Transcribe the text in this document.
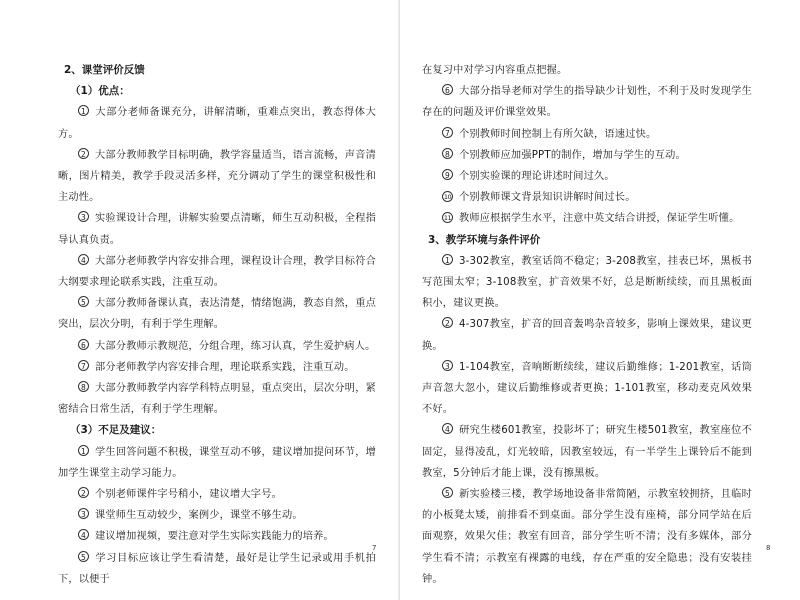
2、课堂评价反馈

（1）优点：

1 大部分老师备课充分，讲解清晰，重难点突出，教态得体大方。

2 大部分教师教学目标明确，教学容量适当，语言流畅，声音清晰，图片精美，教学手段灵活多样，充分调动了学生的课堂积极性和主动性。

3 实验课设计合理，讲解实验要点清晰，师生互动积极，全程指导认真负责。

4 大部分老师教学内容安排合理，课程设计合理，教学目标符合大纲要求理论联系实践，注重互动。

5 大部分教师备课认真，表达清楚，情绪饱满，教态自然，重点突出，层次分明，有利于学生理解。

6 大部分教师示教规范，分组合理，练习认真，学生爱护病人。

7 部分老师教学内容安排合理，理论联系实践，注重互动。

8 大部分教师教学内容学科特点明显，重点突出，层次分明，紧密结合日常生活，有利于学生理解。

（3）不足及建议：

1 学生回答问题不积极，课堂互动不够，建议增加提问环节，增加学生课堂主动学习能力。

2 个别老师课件字号稍小，建议增大字号。

3 课堂师生互动较少，案例少，课堂不够生动。

4 建议增加视频，要注意对学生实际实践能力的培养。

5 学习目标应该让学生看清楚，最好是让学生记录或用手机拍下，以便于

7

在复习中对学习内容重点把握。

6 大部分指导老师对学生的指导缺少计划性，不利于及时发现学生存在的问题及评价课堂效果。

7 个别教师时间控制上有所欠缺，语速过快。

8 个别教师应加强PPT的制作，增加与学生的互动。

9 个别实验课的理论讲述时间过久。

10 个别教师课文背景知识讲解时间过长。

11 教师应根据学生水平，注意中英文结合讲授，保证学生听懂。

3、教学环境与条件评价

1 3-302教室，教室话筒不稳定；3-208教室，挂表已坏，黑板书写范围太窄；3-108教室，扩音效果不好，总是断断续续，而且黑板面积小，建议更换。

2 4-307教室，扩音的回音轰鸣杂音较多，影响上课效果，建议更换。

3 1-104教室，音响断断续续，建议后勤维修；1-201教室，话筒声音忽大忽小，建议后勤维修或者更换；1-101教室，移动麦克风效果不好。

4 研究生楼601教室，投影坏了；研究生楼501教室，教室座位不固定，显得凌乱，灯光较暗，因教室较远，有一半学生上课铃后不能到教室，5分钟后才能上课，没有擦黑板。

5 新实验楼三楼，教学场地设备非常简陋，示教室较拥挤，且临时的小板凳太矮，前排看不到桌面。部分学生没有座椅，部分同学站在后面观察，效果欠佳；教室有回音，部分学生听不清；没有多媒体，部分学生看不清；示教室有裸露的电线，存在严重的安全隐患；没有安装挂钟。

8
